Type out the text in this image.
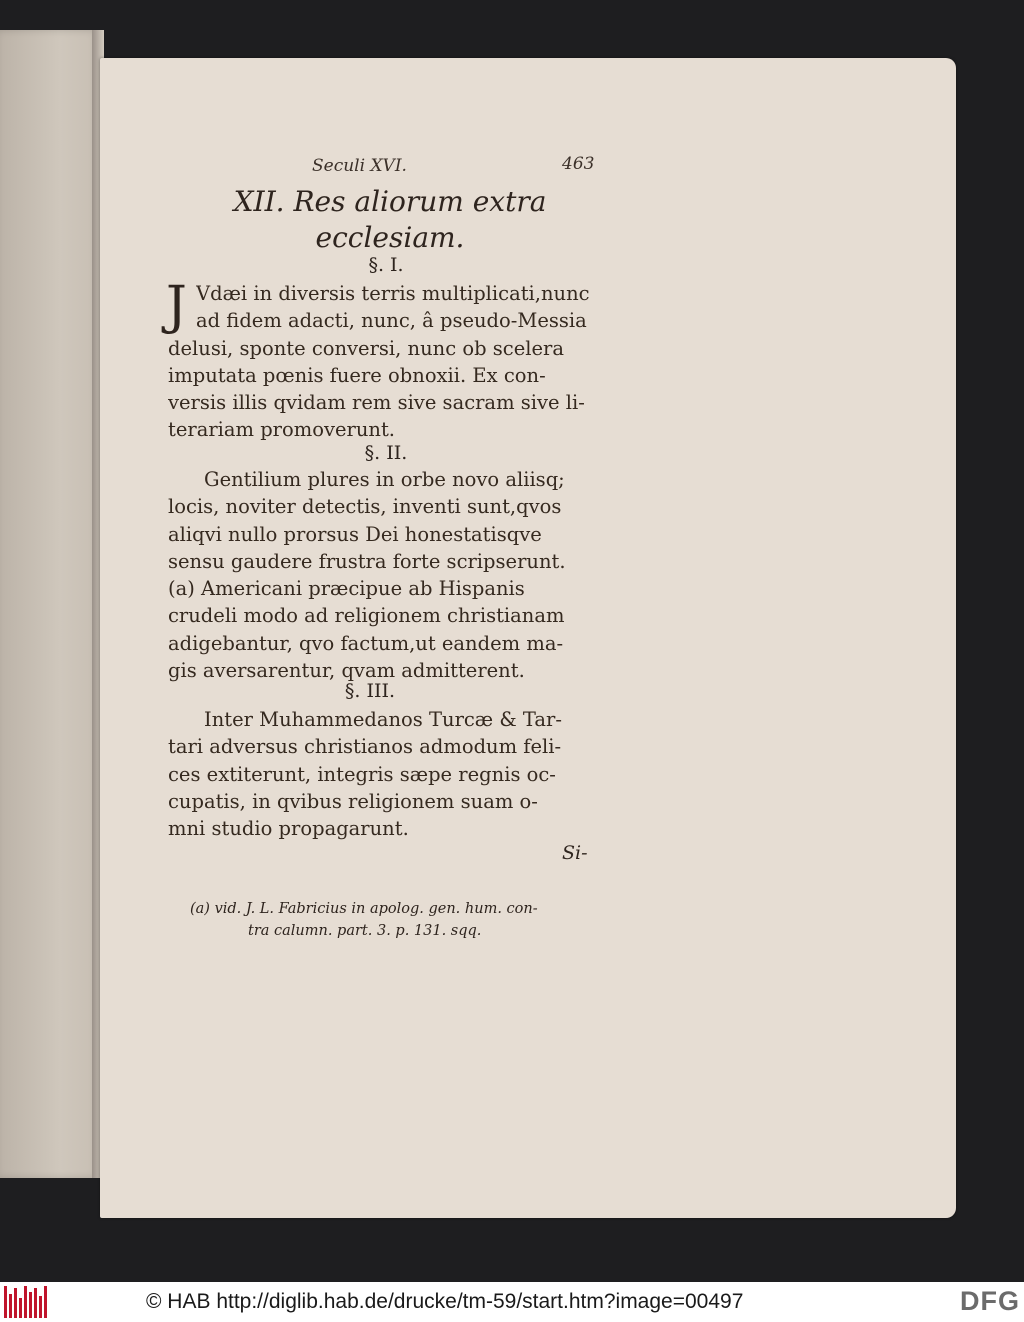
Seculi XVI.	463
XII. Res aliorum extra
ecclesiam.
§. I.
J Vdæi in diversis terris multiplicati,nunc
ad fidem adacti, nunc, â pseudo-Messia
delusi, sponte conversi, nunc ob scelera
imputata pœnis fuere obnoxii. Ex con-
versis illis qvidam rem sive sacram sive li-
terariam promoverunt.
§. II.
Gentilium plures in orbe novo aliisq;
locis, noviter detectis, inventi sunt,qvos
aliqvi nullo prorsus Dei honestatisqve
sensu gaudere frustra forte scripserunt.
(a) Americani præcipue ab Hispanis
crudeli modo ad religionem christianam
adigebantur, qvo factum,ut eandem ma-
gis aversarentur, qvam admitterent.
§. III.
Inter Muhammedanos Turcæ & Tar-
tari adversus christianos admodum feli-
ces extiterunt, integris sæpe regnis oc-
cupatis, in qvibus religionem suam o-
mni studio propagarunt.
Si-
(a) vid. J. L. Fabricius in apolog. gen. hum. con-
tra calumn. part. 3. p. 131. sqq.
© HAB http://diglib.hab.de/drucke/tm-59/start.htm?image=00497	DFG
